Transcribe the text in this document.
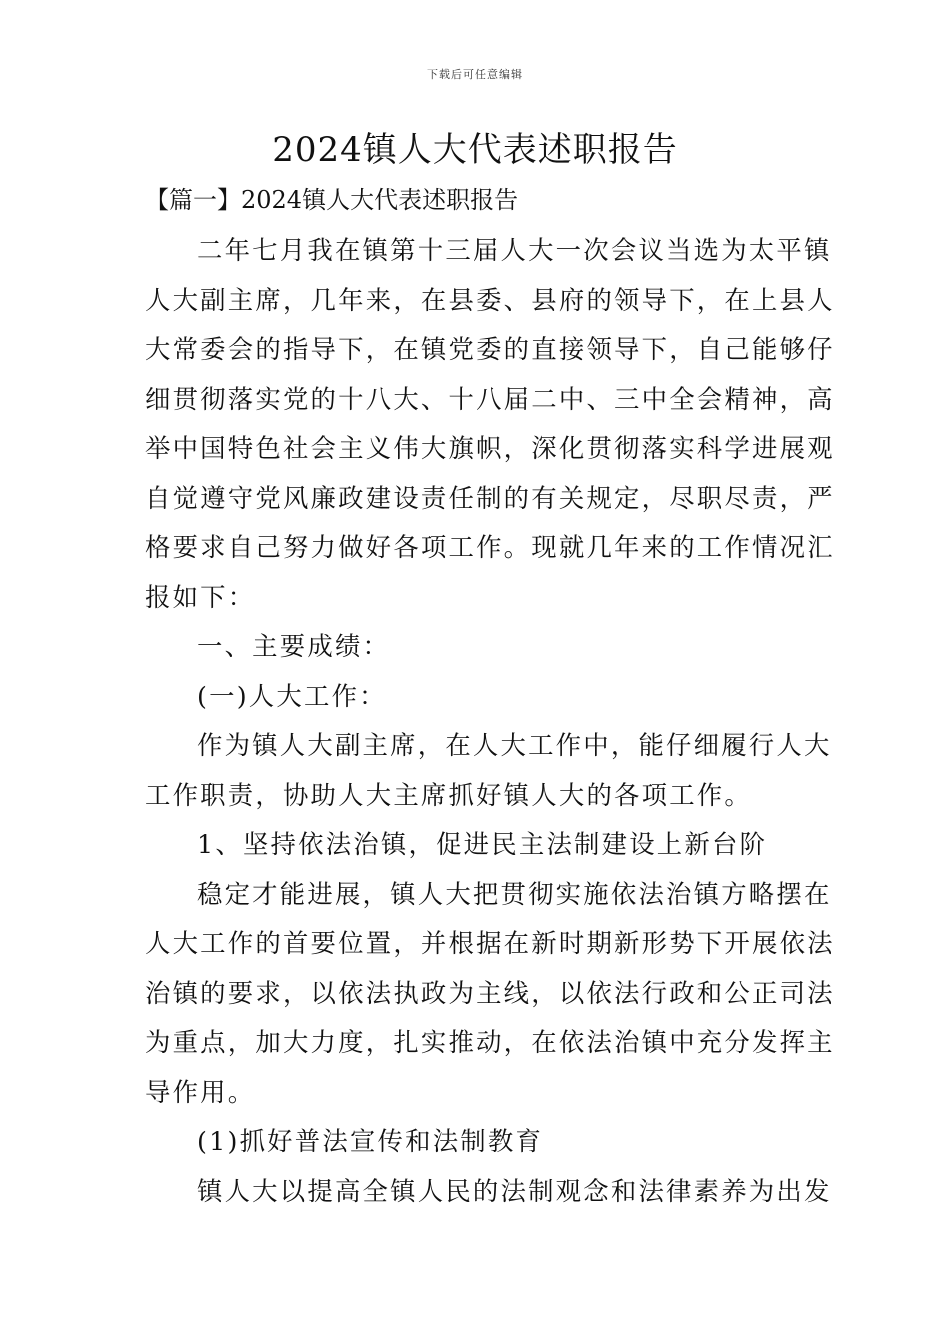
下载后可任意编辑
2024镇人大代表述职报告
【篇一】2024镇人大代表述职报告
二年七月我在镇第十三届人大一次会议当选为太平镇
人大副主席，几年来，在县委、县府的领导下，在上县人
大常委会的指导下，在镇党委的直接领导下，自己能够仔
细贯彻落实党的十八大、十八届二中、三中全会精神，高
举中国特色社会主义伟大旗帜，深化贯彻落实科学进展观
自觉遵守党风廉政建设责任制的有关规定，尽职尽责，严
格要求自己努力做好各项工作。现就几年来的工作情况汇
报如下：
一、主要成绩：
(一)人大工作：
作为镇人大副主席，在人大工作中，能仔细履行人大
工作职责，协助人大主席抓好镇人大的各项工作。
1、坚持依法治镇，促进民主法制建设上新台阶
稳定才能进展，镇人大把贯彻实施依法治镇方略摆在
人大工作的首要位置，并根据在新时期新形势下开展依法
治镇的要求，以依法执政为主线，以依法行政和公正司法
为重点，加大力度，扎实推动，在依法治镇中充分发挥主
导作用。
(1)抓好普法宣传和法制教育
镇人大以提高全镇人民的法制观念和法律素养为出发
